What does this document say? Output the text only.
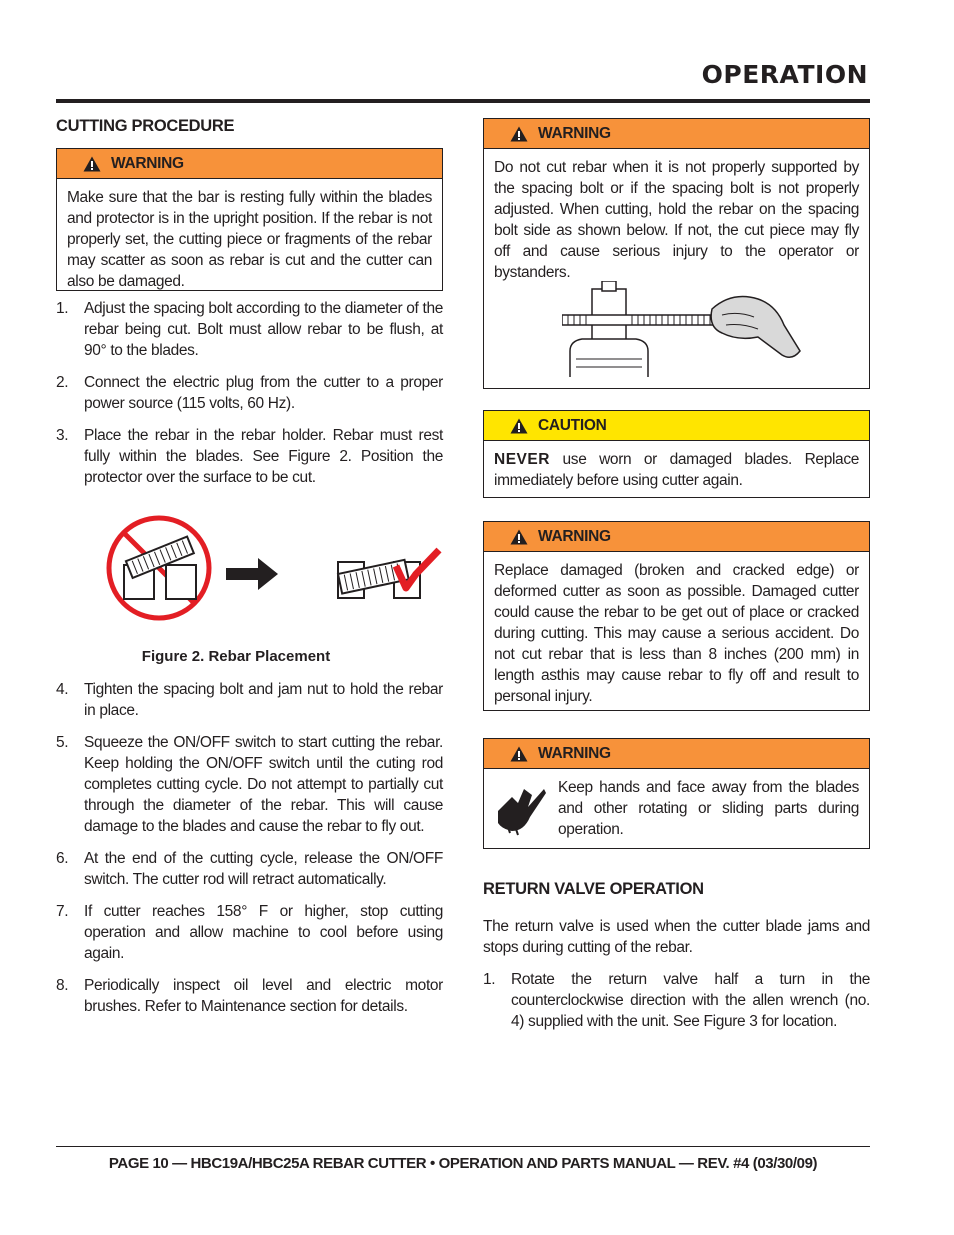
OPERATION
CUTTING PROCEDURE
WARNING
Make sure that the bar is resting fully within the blades and protector is in the upright position. If the rebar is not properly set, the cutting piece or fragments of the rebar may scatter as soon as rebar is cut and the cutter can also be damaged.
1.	Adjust the spacing bolt according to the diameter of the rebar being cut. Bolt must allow rebar to be flush, at 90° to the blades.
2.	Connect the electric plug from the cutter to a proper power source (115 volts, 60 Hz).
3.	Place the rebar in the rebar holder. Rebar must rest fully within the blades. See Figure 2. Position the protector over the surface to be cut.
Figure 2. Rebar Placement
4.	Tighten the spacing bolt and jam nut to hold the rebar in place.
5.	Squeeze the ON/OFF switch to start cutting the rebar. Keep holding the ON/OFF switch until the cuting rod completes cutting cycle. Do not attempt to partially cut through the diameter of the rebar. This will cause damage to the blades and cause the rebar to fly out.
6.	At the end of the cutting cycle, release the ON/OFF switch. The cutter rod will retract automatically.
7.	If cutter reaches 158° F or higher, stop cutting operation and allow machine to cool before using again.
8.	Periodically inspect oil level and electric motor brushes. Refer to Maintenance section for details.
WARNING
Do not cut rebar when it is not properly supported by the spacing bolt or if the spacing bolt is not properly adjusted. When cutting, hold the rebar on the spacing bolt side as shown below. If not, the cut piece may fly off and cause serious injury to the operator or bystanders.
CAUTION
NEVER use worn or damaged blades. Replace immediately before using cutter again.
WARNING
Replace damaged (broken and cracked edge) or deformed cutter as soon as possible. Damaged cutter could cause the rebar to be get out of place or cracked during cutting. This may cause a serious accident. Do not cut rebar that is less than 8 inches (200 mm) in length asthis may cause rebar to fly off and result to personal injury.
WARNING
Keep hands and face away from the blades and other rotating or sliding parts during operation.
RETURN VALVE OPERATION

The return valve is used when the cutter blade jams and stops during cutting of the rebar.

1.	Rotate the return valve half a turn in the counterclockwise direction with the allen wrench (no. 4) supplied with the unit. See Figure 3 for location.
PAGE 10 — HBC19A/HBC25A REBAR CUTTER • OPERATION AND PARTS MANUAL — REV. #4 (03/30/09)
